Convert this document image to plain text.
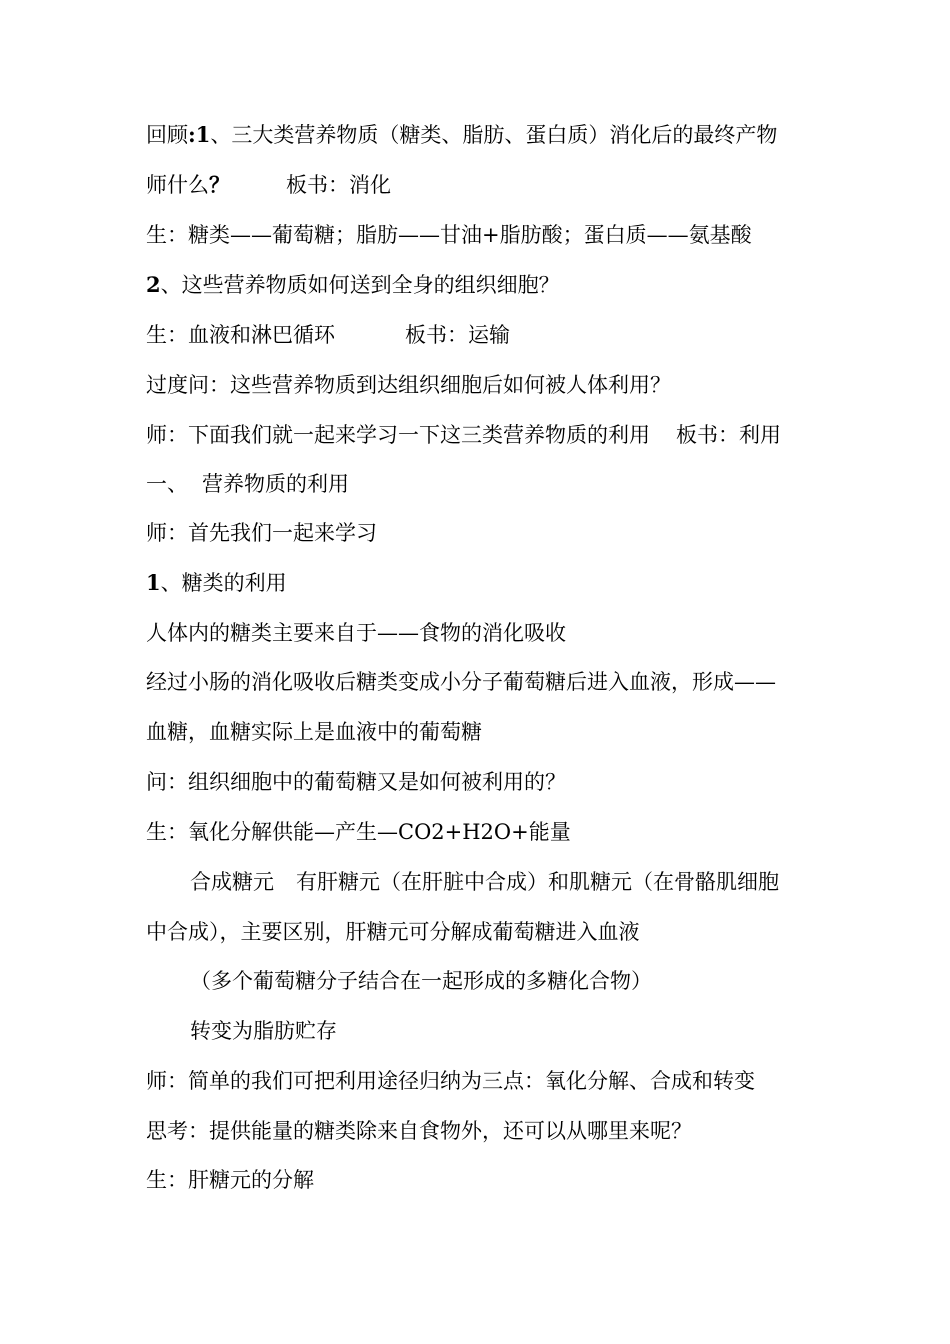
回顾:1、三大类营养物质（糖类、脂肪、蛋白质）消化后的最终产物
师什么？	板书：消化
生：糖类——葡萄糖；脂肪——甘油+脂肪酸；蛋白质——氨基酸
2、这些营养物质如何送到全身的组织细胞？
生：血液和淋巴循环	板书：运输
过度问：这些营养物质到达组织细胞后如何被人体利用？
师：下面我们就一起来学习一下这三类营养物质的利用 板书：利用
一、 营养物质的利用
师：首先我们一起来学习
1、糖类的利用
人体内的糖类主要来自于——食物的消化吸收
经过小肠的消化吸收后糖类变成小分子葡萄糖后进入血液，形成——
血糖，血糖实际上是血液中的葡萄糖
问：组织细胞中的葡萄糖又是如何被利用的？
生：氧化分解供能—产生—CO2+H2O+能量
合成糖元 有肝糖元（在肝脏中合成）和肌糖元（在骨骼肌细胞
中合成），主要区别，肝糖元可分解成葡萄糖进入血液
（多个葡萄糖分子结合在一起形成的多糖化合物）
转变为脂肪贮存
师：简单的我们可把利用途径归纳为三点：氧化分解、合成和转变
思考：提供能量的糖类除来自食物外，还可以从哪里来呢？
生：肝糖元的分解
